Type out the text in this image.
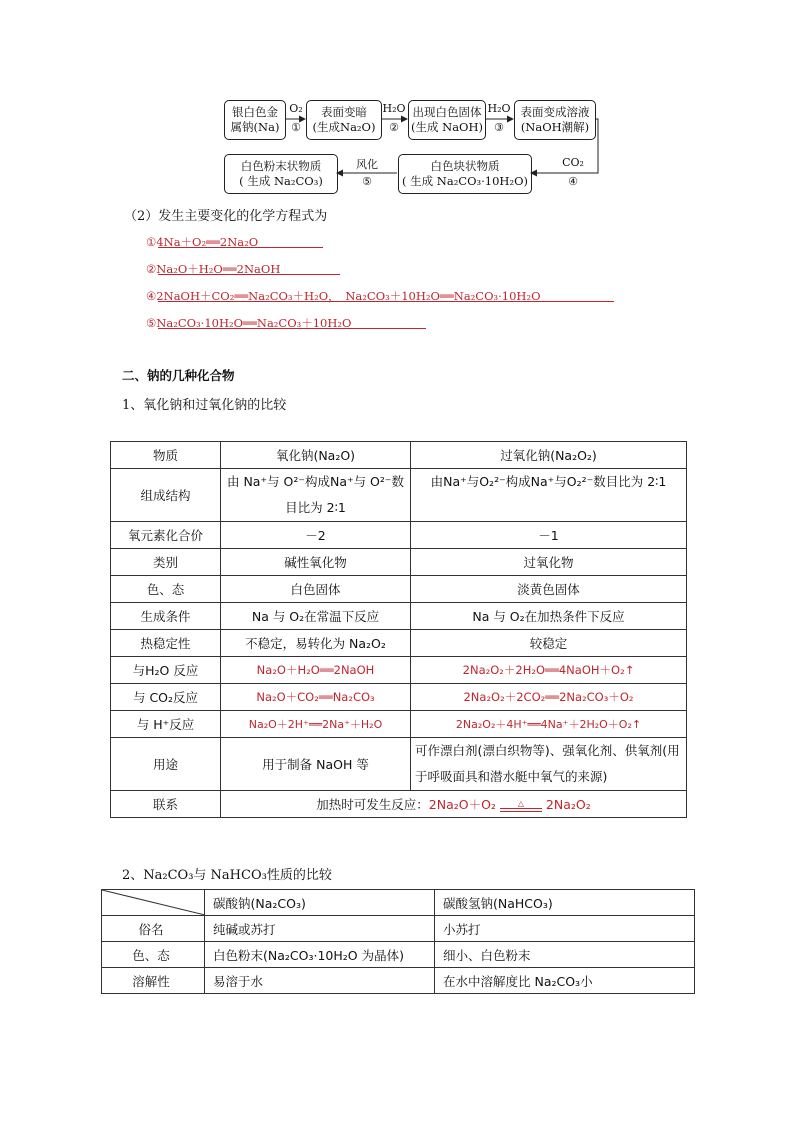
银白色金
属钠(Na)
表面变暗
(生成Na₂O)
出现白色固体
(生成 NaOH)
表面变成溶液
(NaOH潮解)
白色块状物质
( 生成 Na₂CO₃·10H₂O)
白色粉末状物质
( 生成 Na₂CO₃)
O₂
①
H₂O
②
H₂O
③
CO₂
④
风化
⑤
（2）发生主要变化的化学方程式为
①4Na＋O₂══2Na₂O
②Na₂O＋H₂O══2NaOH
④2NaOH＋CO₂══Na₂CO₃＋H₂O，　Na₂CO₃＋10H₂O══Na₂CO₃·10H₂O
⑤Na₂CO₃·10H₂O══Na₂CO₃＋10H₂O
二、钠的几种化合物
1、氧化钠和过氧化钠的比较
物质	氧化钠(Na₂O)	过氧化钠(Na₂O₂)
组成结构	由 Na⁺与 O²⁻构成Na⁺与 O²⁻数目比为 2∶1	由Na⁺与O₂²⁻构成Na⁺与O₂²⁻数目比为 2∶1
氧元素化合价	－2	－1
类别	碱性氧化物	过氧化物
色、态	白色固体	淡黄色固体
生成条件	Na 与 O₂在常温下反应	Na 与 O₂在加热条件下反应
热稳定性	不稳定，易转化为 Na₂O₂	较稳定
与H₂O 反应	Na₂O＋H₂O══2NaOH	2Na₂O₂＋2H₂O══4NaOH＋O₂↑
与 CO₂反应	Na₂O＋CO₂══Na₂CO₃	2Na₂O₂＋2CO₂══2Na₂CO₃＋O₂
与 H⁺反应	Na₂O＋2H⁺══2Na⁺＋H₂O	2Na₂O₂＋4H⁺══4Na⁺＋2H₂O＋O₂↑
用途	用于制备 NaOH 等	可作漂白剂(漂白织物等)、强氧化剂、供氧剂(用于呼吸面具和潜水艇中氧气的来源)
联系	加热时可发生反应：2Na₂O＋O₂ △ 2Na₂O₂	
2、Na₂CO₃与 NaHCO₃性质的比较
	碳酸钠(Na₂CO₃)	碳酸氢钠(NaHCO₃)
俗名	纯碱或苏打	小苏打
色、态	白色粉末(Na₂CO₃·10H₂O 为晶体)	细小、白色粉末
溶解性	易溶于水	在水中溶解度比 Na₂CO₃小
